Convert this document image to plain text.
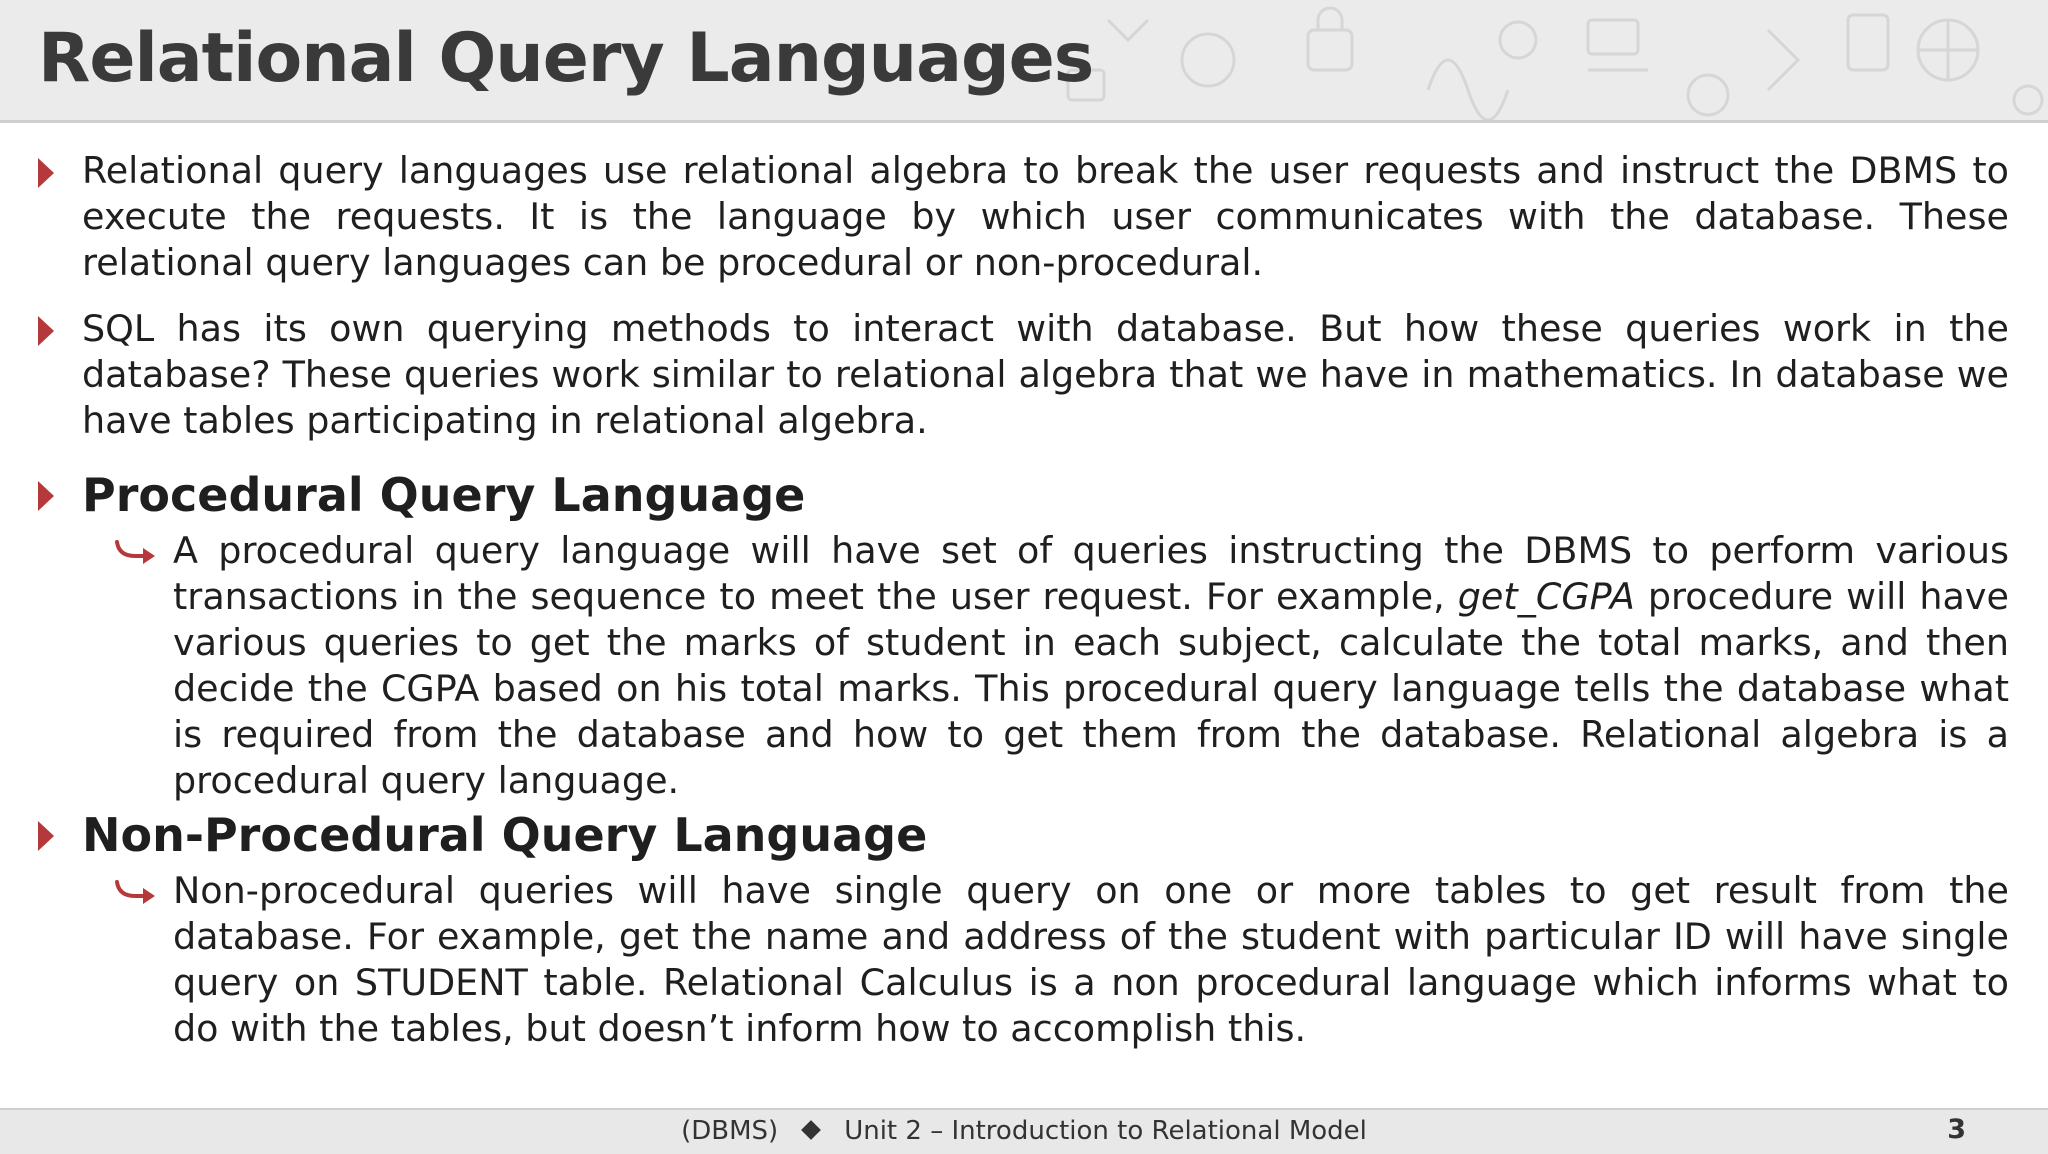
Relational Query Languages

Relational query languages use relational algebra to break the user requests and instruct the DBMS to execute the requests. It is the language by which user communicates with the database. These relational query languages can be procedural or non-procedural.

SQL has its own querying methods to interact with database. But how these queries work in the database? These queries work similar to relational algebra that we have in mathematics. In database we have tables participating in relational algebra.

Procedural Query Language

A procedural query language will have set of queries instructing the DBMS to perform various transactions in the sequence to meet the user request. For example, get_CGPA procedure will have various queries to get the marks of student in each subject, calculate the total marks, and then decide the CGPA based on his total marks. This procedural query language tells the database what is required from the database and how to get them from the database. Relational algebra is a procedural query language.

Non-Procedural Query Language

Non-procedural queries will have single query on one or more tables to get result from the database. For example, get the name and address of the student with particular ID will have single query on STUDENT table. Relational Calculus is a non procedural language which informs what to do with the tables, but doesn’t inform how to accomplish this.

(DBMS)	Unit 2 – Introduction to Relational Model	3
